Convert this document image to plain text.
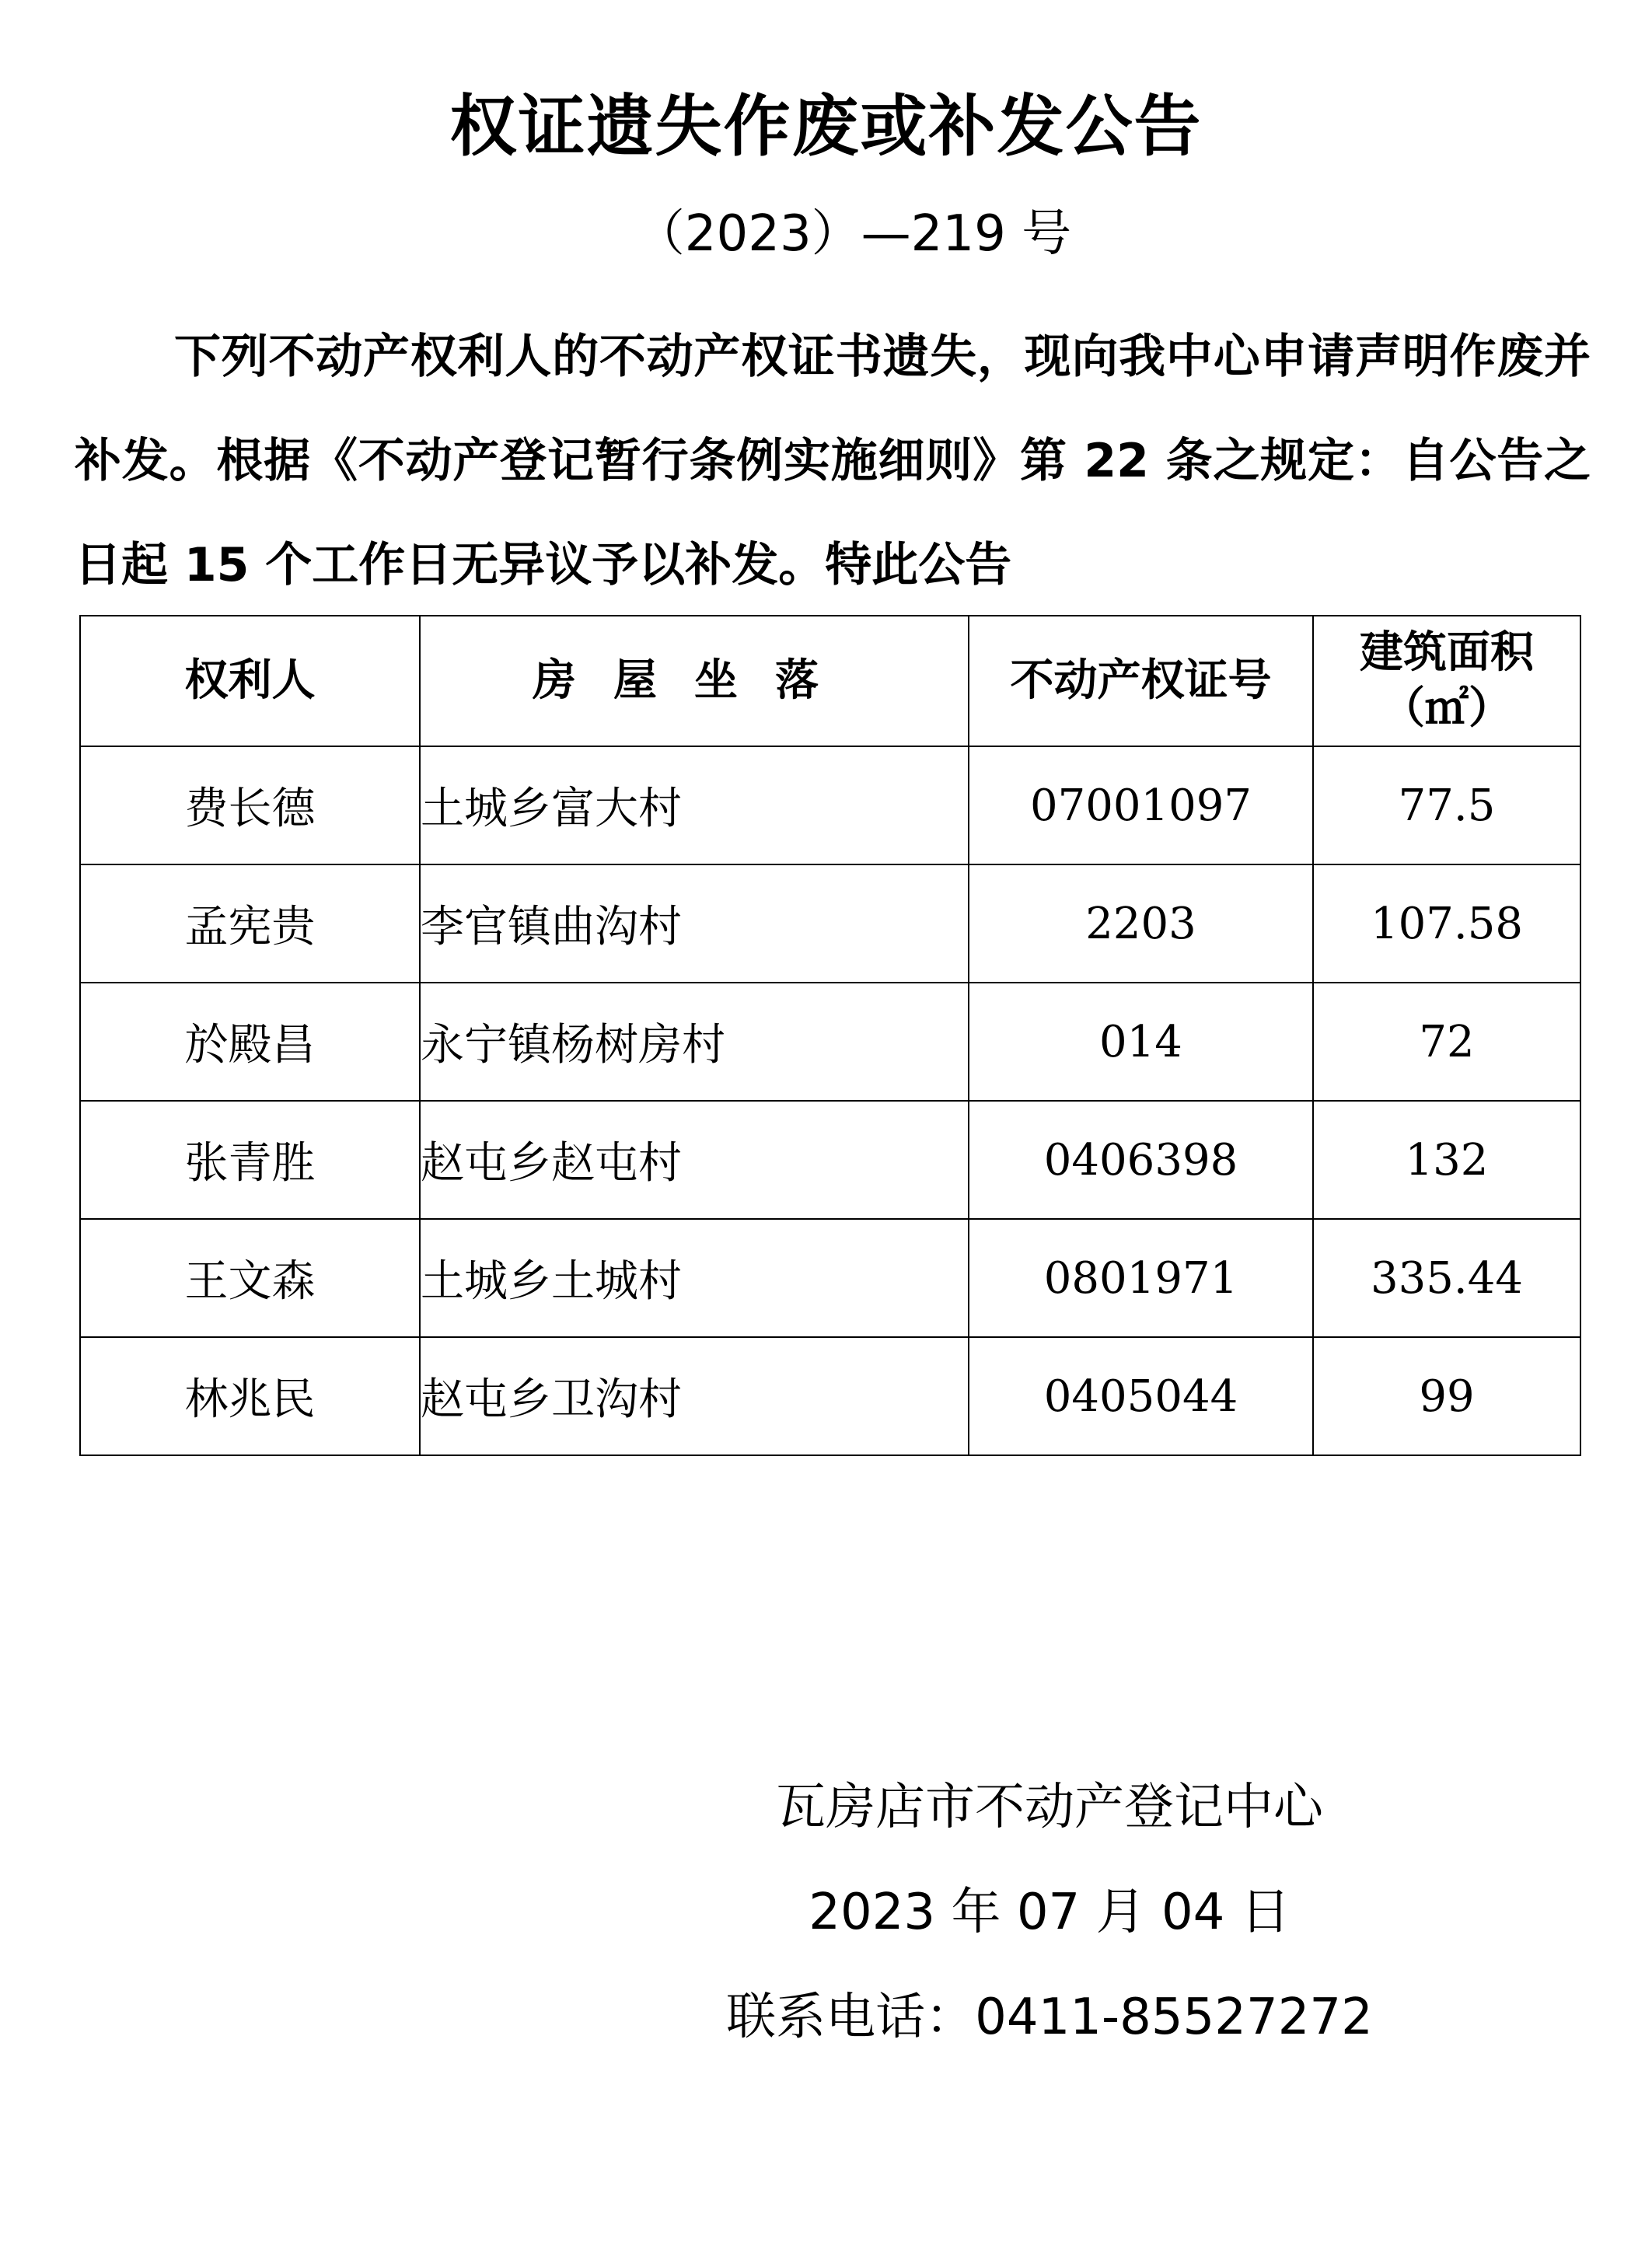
权证遗失作废或补发公告
（2023）—219 号
下列不动产权利人的不动产权证书遗失，现向我中心申请声明作废并补发。根据《不动产登记暂行条例实施细则》第 22 条之规定：自公告之日起 15 个工作日无异议予以补发。特此公告
权利人	房屋坐落	不动产权证号	建筑面积
（㎡）

费长德	土城乡富大村	07001097	77.5
孟宪贵	李官镇曲沟村	2203	107.58
於殿昌	永宁镇杨树房村	014	72
张青胜	赵屯乡赵屯村	0406398	132
王文森	土城乡土城村	0801971	335.44
林兆民	赵屯乡卫沟村	0405044	99
瓦房店市不动产登记中心
2023 年 07 月 04 日
联系电话：0411-85527272
